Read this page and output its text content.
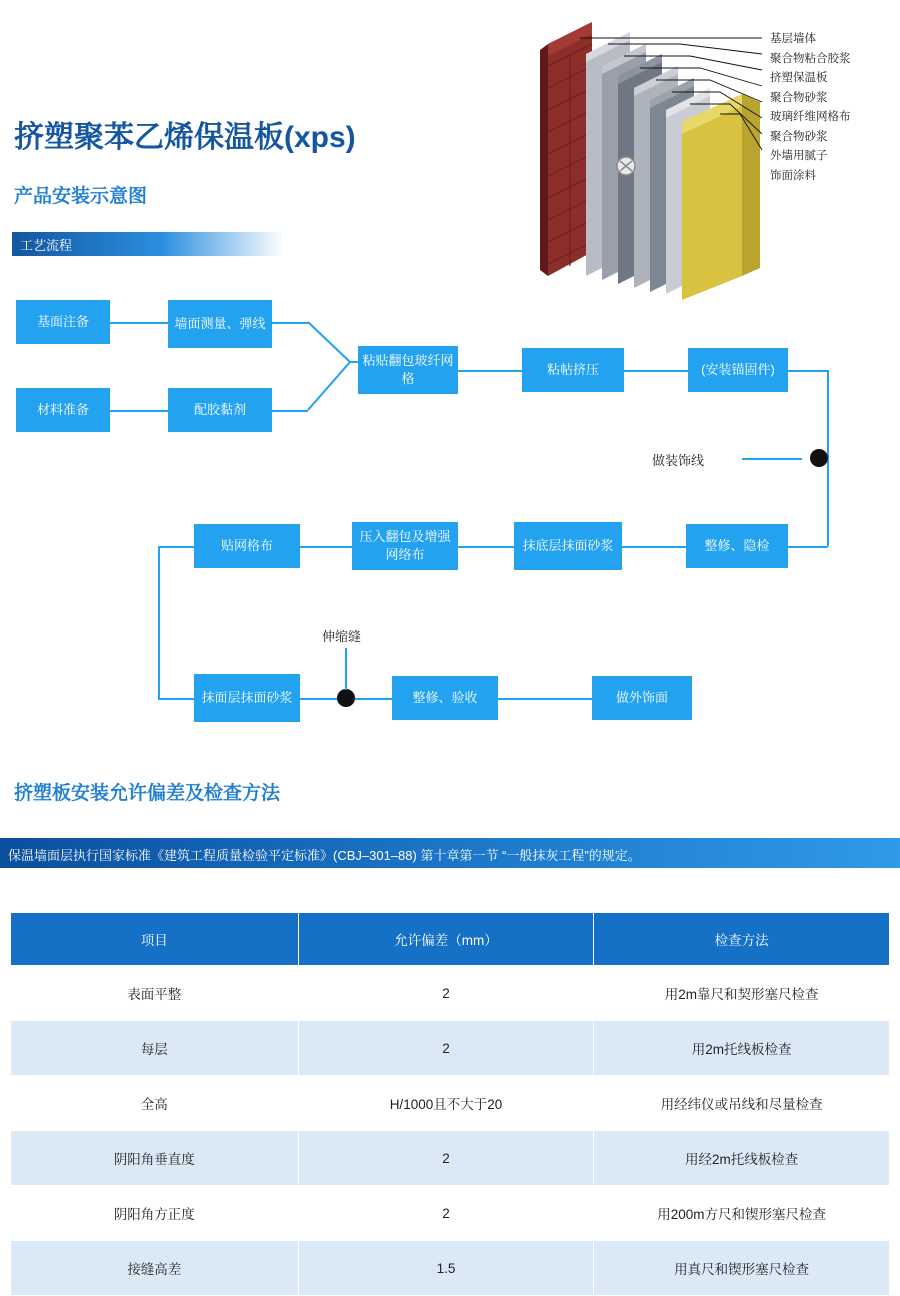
挤塑聚苯乙烯保温板(xps)
产品安装示意图
工艺流程
基层墙体
聚合物粘合胶浆
挤塑保温板
聚合物砂浆
玻璃纤维网格布
聚合物砂浆
外墙用腻子
饰面涂料
做装饰线
伸缩缝
基面注备	墙面测量、弹线
材料准备	配胶黏剂
粘贴翻包玻纤网格
粘帖挤压	(安装锚固件)
贴网格布
压入翻包及增强网络布
抹底层抹面砂浆	整修、隐检
抹面层抹面砂浆	整修、验收	做外饰面
挤塑板安装允许偏差及检查方法
保温墙面层执行国家标准《建筑工程质量检验平定标准》(CBJ–301–88) 第十章第一节 “一般抹灰工程”的规定。
项目	允许偏差（mm）	检查方法
表面平整	2	用2m靠尺和契形塞尺检查
每层	2	用2m托线板检查
全高	H/1000且不大于20	用经纬仪或吊线和尽量检查
阴阳角垂直度	2	用经2m托线板检查
阴阳角方正度	2	用200m方尺和锲形塞尺检查
接缝高差	1.5	用真尺和锲形塞尺检查
